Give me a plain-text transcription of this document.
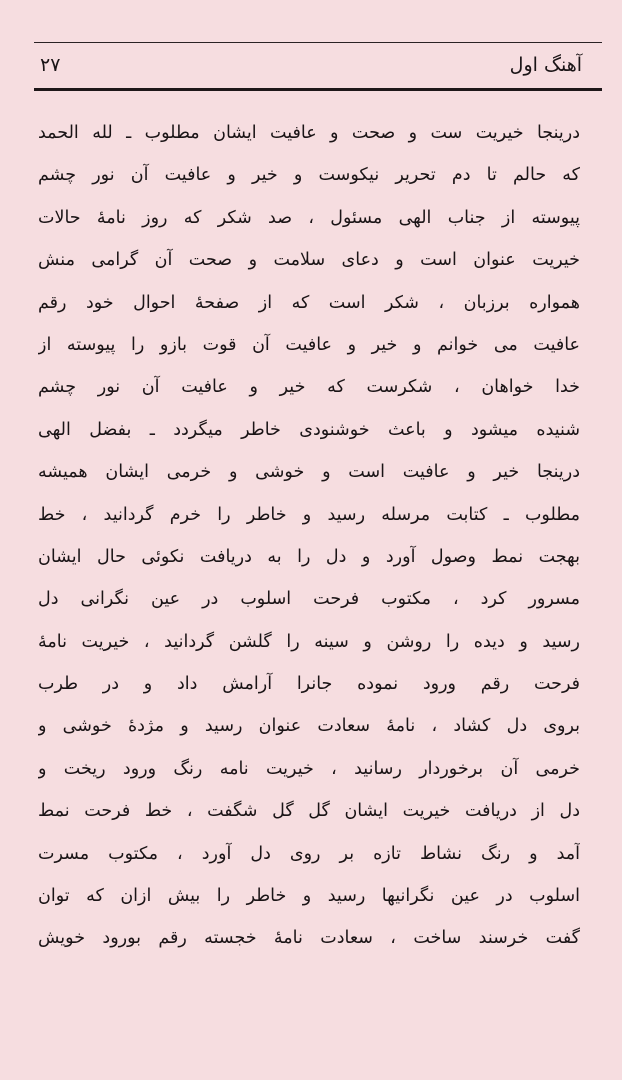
آهنگ اول
۲۷
درینجا خیریت ست و صحت و عافیت ایشان مطلوب ـ لله الحمد
که حالم تا دم تحریر نیکوست و خیر و عافیت آن نور چشم
پیوسته از جناب الهی مسئول ، صد شکر که روز نامهٔ حالات
خیریت عنوان است و دعای سلامت و صحت آن گرامی منش
همواره برزبان ، شکر است که از صفحهٔ احوال خود رقم
عافیت می خوانم و خیر و عافیت آن قوت بازو را پیوسته از
خدا خواهان ، شکرست که خیر و عافیت آن نور چشم
شنیده میشود و باعث خوشنودی خاطر میگردد ـ بفضل الهی
درینجا خیر و عافیت است و خوشی و خرمی ایشان همیشه
مطلوب ـ کتابت مرسله رسید و خاطر را خرم گردانید ، خط
بهجت نمط وصول آورد و دل را به دریافت نکوئی حال ایشان
مسرور کرد ، مکتوب فرحت اسلوب در عین نگرانی دل
رسید و دیده را روشن و سینه را گلشن گردانید ، خیریت نامهٔ
فرحت رقم ورود نموده جانرا آرامش داد و در طرب
بروی دل کشاد ، نامهٔ سعادت عنوان رسید و مژدهٔ خوشی و
خرمی آن برخوردار رسانید ، خیریت نامه رنگ ورود ریخت و
دل از دریافت خیریت ایشان گل گل شگفت ، خط فرحت نمط
آمد و رنگ نشاط تازه بر روی دل آورد ، مکتوب مسرت
اسلوب در عین نگرانیها رسید و خاطر را بیش ازان که توان
گفت خرسند ساخت ، سعادت نامهٔ خجسته رقم بورود خویش
